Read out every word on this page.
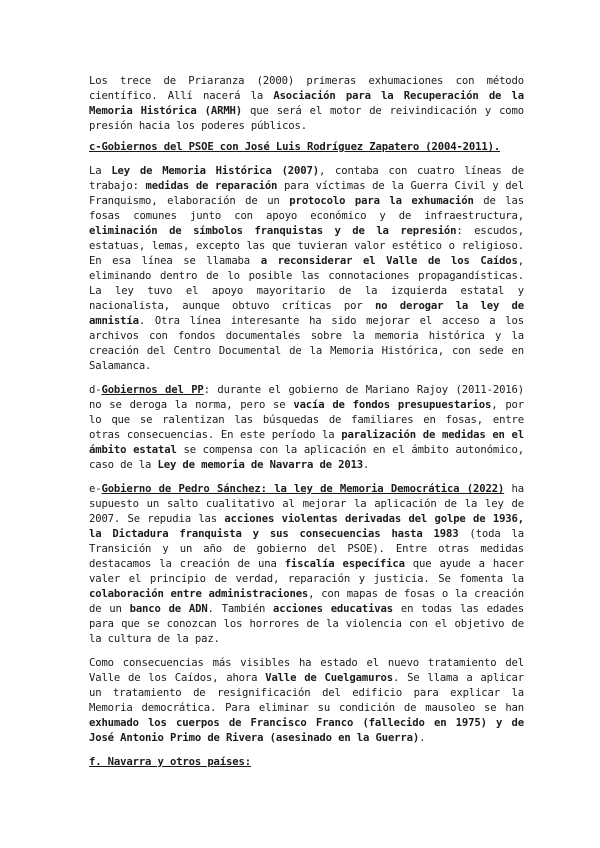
Los trece de Priaranza (2000) primeras exhumaciones con método científico. Allí nacerá la Asociación para la Recuperación de la Memoria Histórica (ARMH) que será el motor de reivindicación y como presión hacia los poderes públicos.

c-Gobiernos del PSOE con José Luis Rodríguez Zapatero (2004-2011).

La Ley de Memoria Histórica (2007), contaba con cuatro líneas de trabajo: medidas de reparación para víctimas de la Guerra Civil y del Franquismo, elaboración de un protocolo para la exhumación de las fosas comunes junto con apoyo económico y de infraestructura, eliminación de símbolos franquistas y de la represión: escudos, estatuas, lemas, excepto las que tuvieran valor estético o religioso. En esa línea se llamaba a reconsiderar el Valle de los Caídos, eliminando dentro de lo posible las connotaciones propagandísticas. La ley tuvo el apoyo mayoritario de la izquierda estatal y nacionalista, aunque obtuvo críticas por no derogar la ley de amnistía. Otra línea interesante ha sido mejorar el acceso a los archivos con fondos documentales sobre la memoria histórica y la creación del Centro Documental de la Memoria Histórica, con sede en Salamanca.

d-Gobiernos del PP: durante el gobierno de Mariano Rajoy (2011-2016) no se deroga la norma, pero se vacía de fondos presupuestarios, por lo que se ralentizan las búsquedas de familiares en fosas, entre otras consecuencias. En este período la paralización de medidas en el ámbito estatal se compensa con la aplicación en el ámbito autonómico, caso de la Ley de memoria de Navarra de 2013.

e-Gobierno de Pedro Sánchez: la ley de Memoria Democrática (2022) ha supuesto un salto cualitativo al mejorar la aplicación de la ley de 2007. Se repudia las acciones violentas derivadas del golpe de 1936, la Dictadura franquista y sus consecuencias hasta 1983 (toda la Transición y un año de gobierno del PSOE). Entre otras medidas destacamos la creación de una fiscalía específica que ayude a hacer valer el principio de verdad, reparación y justicia. Se fomenta la colaboración entre administraciones, con mapas de fosas o la creación de un banco de ADN. También acciones educativas en todas las edades para que se conozcan los horrores de la violencia con el objetivo de la cultura de la paz.

Como consecuencias más visibles ha estado el nuevo tratamiento del Valle de los Caídos, ahora Valle de Cuelgamuros. Se llama a aplicar un tratamiento de resignificación del edificio para explicar la Memoria democrática. Para eliminar su condición de mausoleo se han exhumado los cuerpos de Francisco Franco (fallecido en 1975) y de José Antonio Primo de Rivera (asesinado en la Guerra).

f. Navarra y otros países:
